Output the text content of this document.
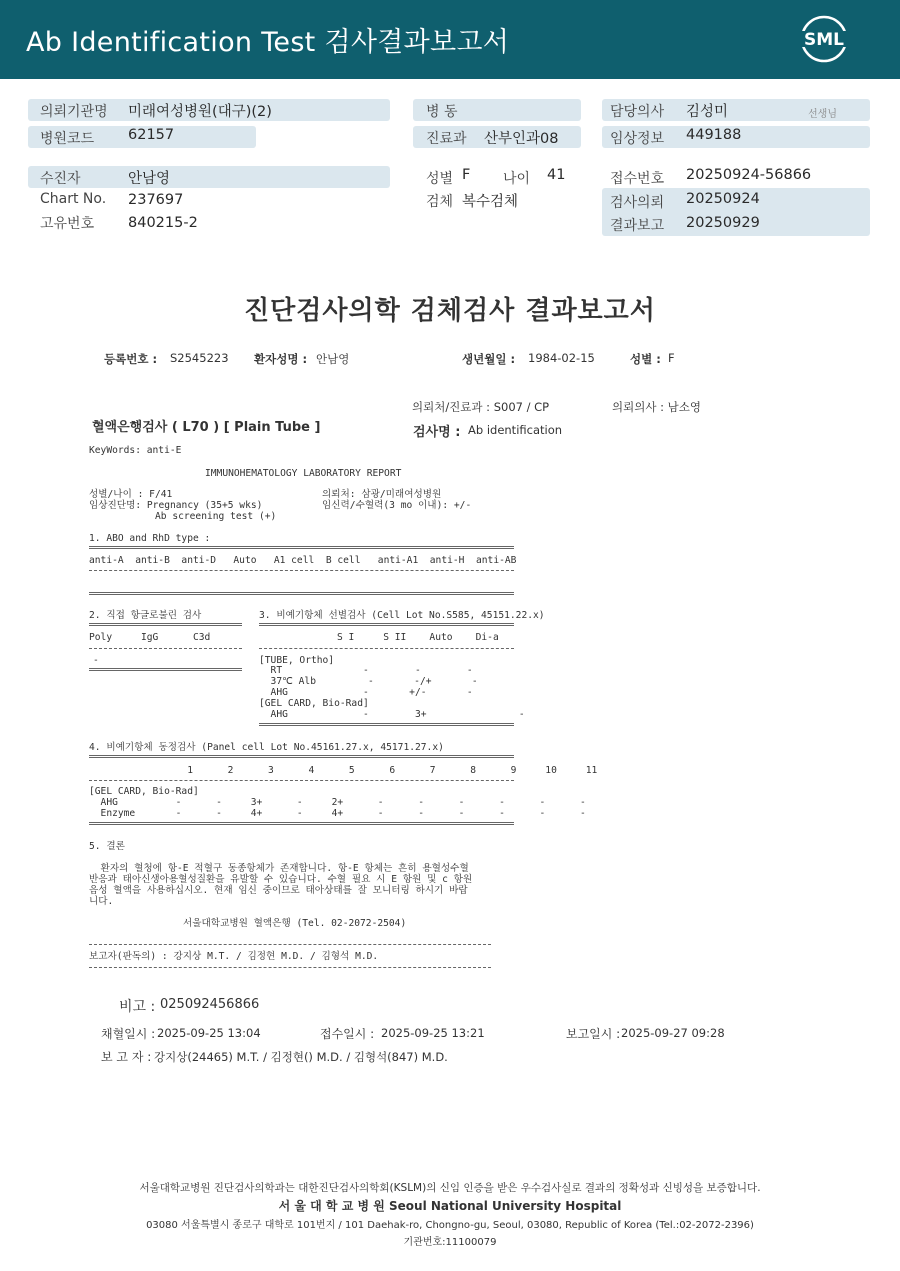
Ab Identification Test 검사결과보고서	SML
의뢰기관명 미래여성병원(대구)(2)
병원코드 62157
병 동
진료과 산부인과08
담당의사 김성미	선생님
임상정보 449188
수진자	안남영
Chart No. 237697
고유번호 840215-2
성별 F 나이 41
검체 복수검체
접수번호 20250924-56866
검사의뢰 20250924
결과보고 20250929
진단검사의학 검체검사 결과보고서
등록번호 : S2545223 환자성명 : 안남영	생년월일 : 1984-02-15	성별 : F
의뢰처/진료과 : S007 / CP	의뢰의사 : 남소영
혈액은행검사 ( L70 ) [ Plain Tube ]	검사명 : Ab identification
KeyWords: anti-E
IMMUNOHEMATOLOGY LABORATORY REPORT
성별/나이 : F/41	의뢰처: 삼광/미래여성병원
임상진단명: Pregnancy (35+5 wks)	임신력/수혈력(3 mo 이내): +/-
Ab screening test (+)
1. ABO and RhD type :
anti-A  anti-B  anti-D   Auto   A1 cell  B cell   anti-A1  anti-H  anti-AB
2. 직접 항글로불린 검사
Poly     IgG      C3d
-
3. 비예기항체 선별검사 (Cell Lot No.S585, 45151.22.x)
S I     S II    Auto    Di-a
[TUBE, Ortho]
RT              -        -        -
37℃ Alb         -       -/+       -
AHG             -       +/-       -
[GEL CARD, Bio-Rad]
AHG             -        3+                -
4. 비예기항체 동정검사 (Panel cell Lot No.45161.27.x, 45171.27.x)
1      2      3      4      5      6      7      8      9     10     11
[GEL CARD, Bio-Rad]
AHG          -      -     3+      -     2+      -      -      -      -      -      -
Enzyme       -      -     4+      -     4+      -      -      -      -      -      -
5. 결론
환자의 혈청에 항-E 적혈구 동종항체가 존재합니다. 항-E 항체는 흔히 용혈성수혈
반응과 태아신생아용혈성질환을 유발할 수 있습니다. 수혈 필요 시 E 항원 및 c 항원
음성 혈액을 사용하십시오. 현재 임신 중이므로 태아상태를 잘 모니터링 하시기 바랍
니다.
서울대학교병원 혈액은행 (Tel. 02-2072-2504)
보고자(판독의) : 강지상 M.T. / 김정현 M.D. / 김형석 M.D.
비고 : 025092456866
채혈일시 : 2025-09-25 13:04	접수일시 : 2025-09-25 13:21	보고일시 : 2025-09-27 09:28
보 고 자 : 강지상(24465) M.T. / 김정현() M.D. / 김형석(847) M.D.
서울대학교병원 진단검사의학과는 대한진단검사의학회(KSLM)의 신임 인증을 받은 우수검사실로 결과의 정확성과 신빙성을 보증합니다.
서 울 대 학 교 병 원 Seoul National University Hospital
03080 서울특별시 종로구 대학로 101번지 / 101 Daehak-ro, Chongno-gu, Seoul, 03080, Republic of Korea (Tel.:02-2072-2396)
기관번호:11100079
